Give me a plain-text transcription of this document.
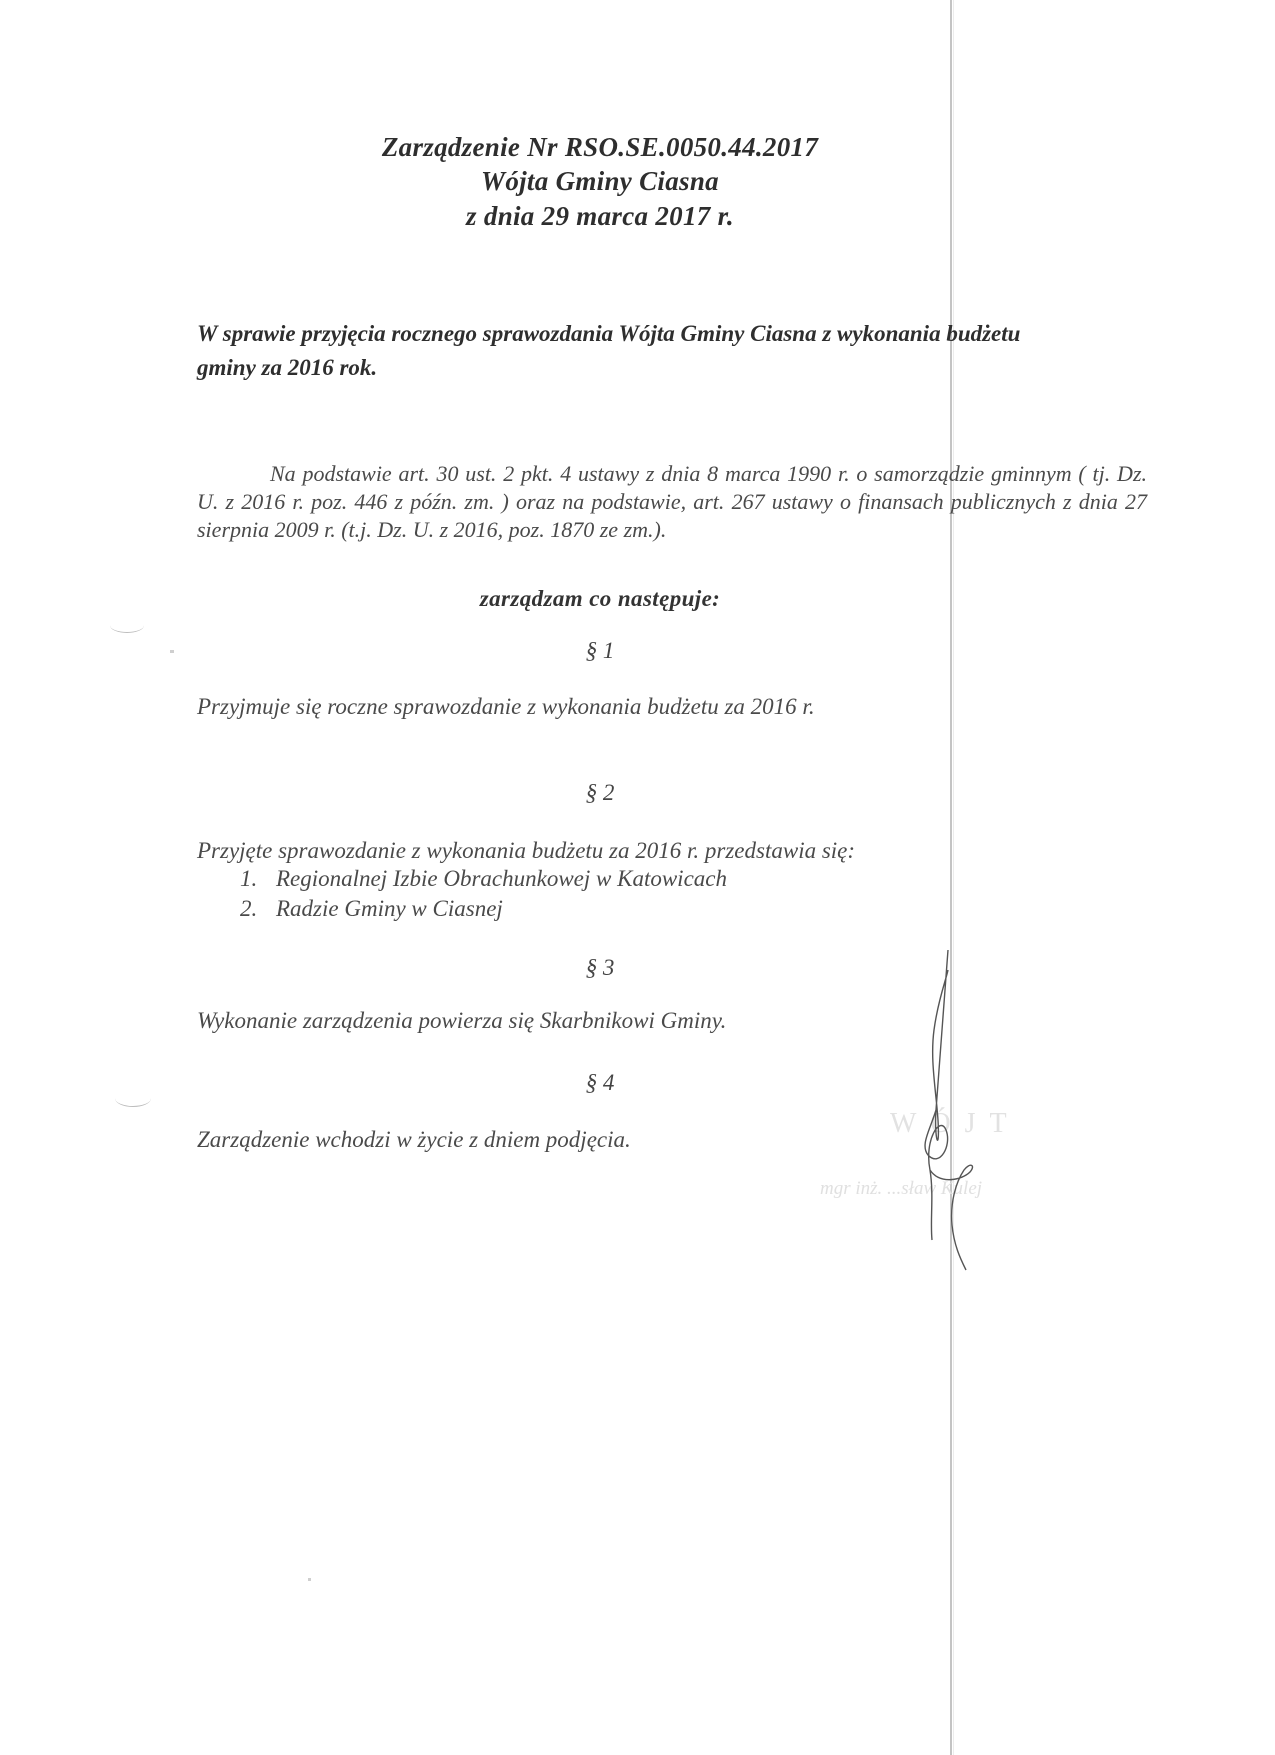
Zarządzenie Nr RSO.SE.0050.44.2017
Wójta Gminy Ciasna
z dnia 29 marca 2017 r.
W sprawie przyjęcia rocznego sprawozdania Wójta Gminy Ciasna z wykonania budżetu
gminy za 2016 rok.
Na podstawie art. 30 ust. 2 pkt. 4 ustawy z dnia 8 marca 1990 r. o samorządzie gminnym ( tj. Dz. U. z 2016 r. poz. 446 z późn. zm. ) oraz na podstawie, art. 267 ustawy o finansach publicznych z dnia 27 sierpnia 2009 r. (t.j. Dz. U. z 2016, poz. 1870 ze zm.).
zarządzam co następuje:
§ 1
Przyjmuje się roczne sprawozdanie z wykonania budżetu za 2016 r.
§ 2
Przyjęte sprawozdanie z wykonania budżetu za 2016 r. przedstawia się:
1. Regionalnej Izbie Obrachunkowej w Katowicach
2. Radzie Gminy w Ciasnej
§ 3
Wykonanie zarządzenia powierza się Skarbnikowi Gminy.
§ 4
Zarządzenie wchodzi w życie z dniem podjęcia.
WÓJT
mgr inż. ...sław Kulej
